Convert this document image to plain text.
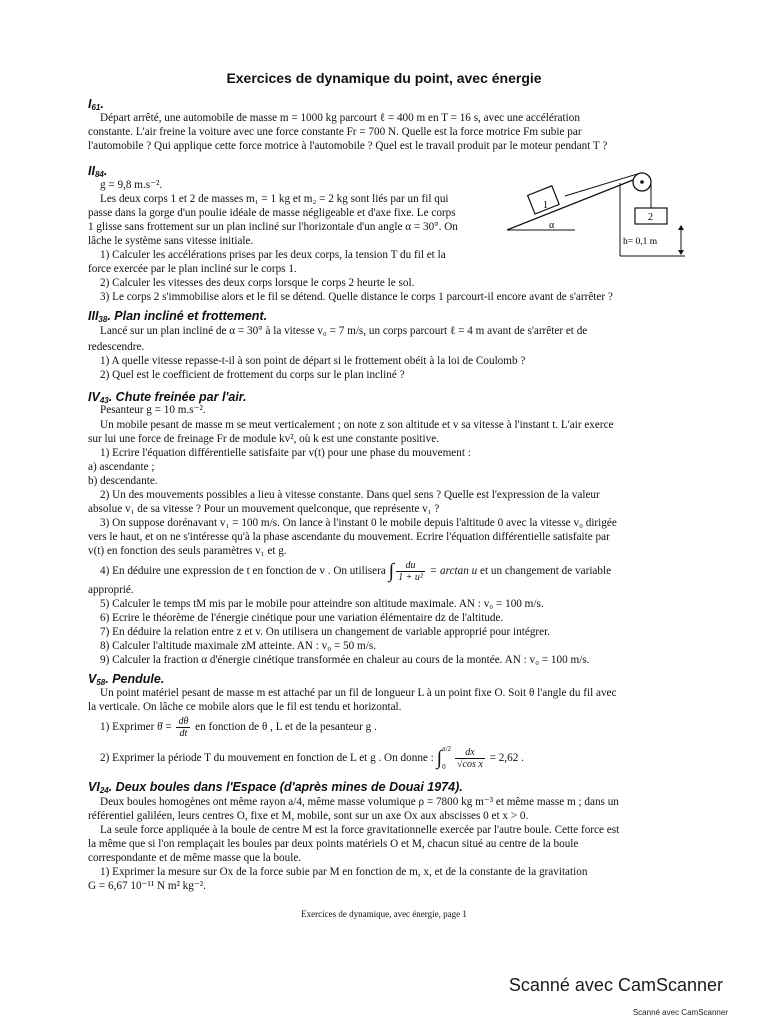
Exercices de dynamique du point, avec énergie
$I_{61}$.
Départ arrêté, une automobile de masse m = 1000 kg parcourt ℓ = 400 m en T = 16 s, avec une accélération
constante. L'air freine la voiture avec une force constante Fr = 700 N. Quelle est la force motrice Fm subie par
l'automobile ? Qui applique cette force motrice à l'automobile ? Quel est le travail produit par le moteur pendant T ?
$II_{84}$.
g = 9,8 m.s⁻².
Les deux corps 1 et 2 de masses m₁ = 1 kg et m₂ = 2 kg sont liés par un fil qui
passe dans la gorge d'un poulie idéale de masse négligeable et d'axe fixe. Le corps
1 glisse sans frottement sur un plan incliné sur l'horizontale d'un angle α = 30°. On
lâche le système sans vitesse initiale.
1) Calculer les accélérations prises par les deux corps, la tension T du fil et la
force exercée par le plan incliné sur le corps 1.
2) Calculer les vitesses des deux corps lorsque le corps 2 heurte le sol.
3) Le corps 2 s'immobilise alors et le fil se détend. Quelle distance le corps 1 parcourt-il encore avant de s'arrêter ?
1
2
α
h= 0,1 m
$III_{38}$. Plan incliné et frottement.
Lancé sur un plan incliné de α = 30° à la vitesse v₀ = 7 m/s, un corps parcourt ℓ = 4 m avant de s'arrêter et de
redescendre.
1) A quelle vitesse repasse-t-il à son point de départ si le frottement obéit à la loi de Coulomb ?
2) Quel est le coefficient de frottement du corps sur le plan incliné ?
$IV_{43}$. Chute freinée par l'air.
Pesanteur g = 10 m.s⁻².
Un mobile pesant de masse m se meut verticalement ; on note z son altitude et v sa vitesse à l'instant t. L'air exerce
sur lui une force de freinage Fr de module kv², où k est une constante positive.
1) Ecrire l'équation différentielle satisfaite par v(t) pour une phase du mouvement :
a) ascendante ;
b) descendante.
2) Un des mouvements possibles a lieu à vitesse constante. Dans quel sens ? Quelle est l'expression de la valeur
absolue v₁ de sa vitesse ? Pour un mouvement quelconque, que représente v₁ ?
3) On suppose dorénavant v₁ = 100 m/s. On lance à l'instant 0 le mobile depuis l'altitude 0 avec la vitesse v₀ dirigée
vers le haut, et on ne s'intéresse qu'à la phase ascendante du mouvement. Ecrire l'équation différentielle satisfaite par
v(t) en fonction des seuls paramètres v₁ et g.
4) En déduire une expression de t en fonction de v . On utilisera ∫ $\frac{du}{\text{1 + u²}} = \arctan u$ et un changement de variable
approprié.
5) Calculer le temps tM mis par le mobile pour atteindre son altitude maximale. AN : v₀ = 100 m/s.
6) Ecrire le théorème de l'énergie cinétique pour une variation élémentaire dz de l'altitude.
7) En déduire la relation entre z et v. On utilisera un changement de variable approprié pour intégrer.
8) Calculer l'altitude maximale zM atteinte. AN : v₀ = 50 m/s.
9) Calculer la fraction α d'énergie cinétique transformée en chaleur au cours de la montée. AN : v₀ = 100 m/s.
$V_{58}$. Pendule.
Un point matériel pesant de masse m est attaché par un fil de longueur L à un point fixe O. Soit θ l'angle du fil avec
la verticale. On lâche ce mobile alors que le fil est tendu et horizontal.
1) Exprimer θ̇ = $\frac{d\theta}{dt}$ en fonction de θ , L et de la pesanteur g .
2) Exprimer la période T du mouvement en fonction de L et g . On donne : ∫π/2

$0 \frac{dx}{\text{√cos x}} = 2,62$ .
$VI_{24}$. Deux boules dans l'Espace (d'après mines de Douai 1974).
Deux boules homogènes ont même rayon a/4, même masse volumique ρ = 7800 kg m⁻³ et même masse m ; dans un
référentiel galiléen, leurs centres O, fixe et M, mobile, sont sur un axe Ox aux abscisses 0 et x > 0.
La seule force appliquée à la boule de centre M est la force gravitationnelle exercée par l'autre boule. Cette force est
la même que si l'on remplaçait les boules par deux points matériels O et M, chacun situé au centre de la boule
correspondante et de même masse que la boule.
1) Exprimer la mesure sur Ox de la force subie par M en fonction de m, x, et de la constante de la gravitation
G = 6,67 10⁻¹¹ N m² kg⁻².
Exercices de dynamique, avec énergie, page 1
Scanné avec CamScanner
Scanné avec CamScanner
